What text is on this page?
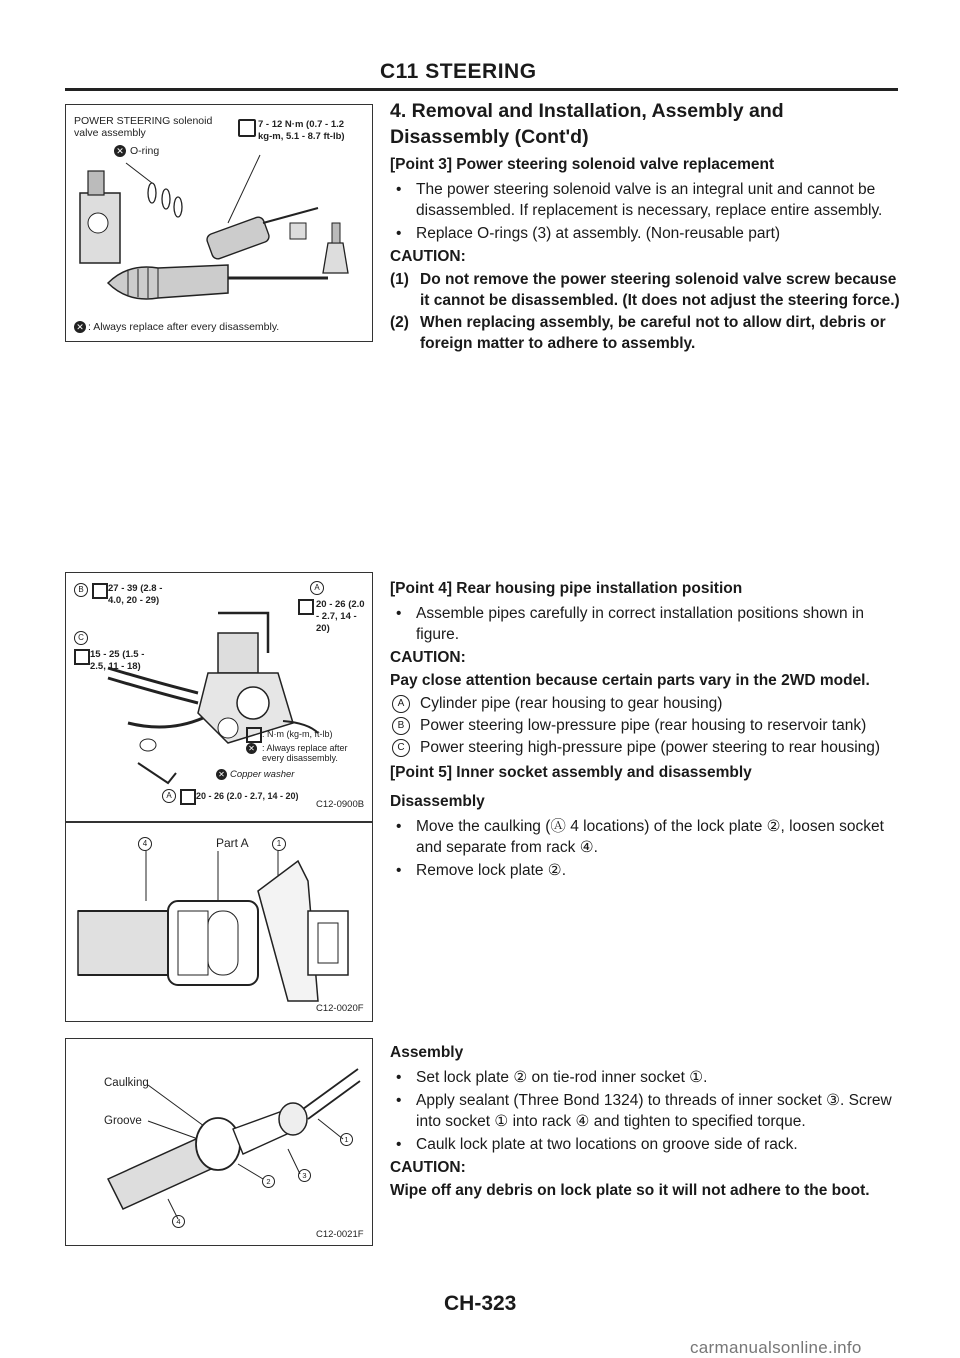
C11 STEERING
POWER STEERING solenoid valve assembly
7 - 12 N·m (0.7 - 1.2 kg-m, 5.1 - 8.7 ft-lb)
✕ O-ring
✕ : Always replace after every disassembly.
B	27 - 39 (2.8 - 4.0, 20 - 29)
A
20 - 26 (2.0 - 2.7, 14 - 20)
C
15 - 25 (1.5 - 2.5, 11 - 18)
: N·m (kg-m, ft-lb)
✕ : Always replace after every disassembly.
✕ Copper washer
A	20 - 26 (2.0 - 2.7, 14 - 20)
C12-0900B
4	Part A	1
C12-0020F
Caulking
Groove
1
2
3
4
C12-0021F
4. Removal and Installation, Assembly and Disassembly (Cont'd)
[Point 3] Power steering solenoid valve replacement
• The power steering solenoid valve is an integral unit and cannot be disassembled. If replacement is necessary, replace entire assembly.
• Replace O-rings (3) at assembly. (Non-reusable part)
CAUTION:
(1) Do not remove the power steering solenoid valve screw because it cannot be disassembled. (It does not adjust the steering force.)
(2) When replacing assembly, be careful not to allow dirt, debris or foreign matter to adhere to assembly.
[Point 4] Rear housing pipe installation position
• Assemble pipes carefully in correct installation positions shown in figure.
CAUTION:
Pay close attention because certain parts vary in the 2WD model.
A	Cylinder pipe (rear housing to gear housing)
B	Power steering low-pressure pipe (rear housing to reservoir tank)
C Power steering high-pressure pipe (power steering to rear housing)
[Point 5] Inner socket assembly and disassembly
Disassembly
• Move the caulking (Ⓐ 4 locations) of the lock plate ②, loosen socket and separate from rack ④.
• Remove lock plate ②.
Assembly
• Set lock plate ② on tie-rod inner socket ①.
• Apply sealant (Three Bond 1324) to threads of inner socket ③. Screw into socket ① into rack ④ and tighten to specified torque.
• Caulk lock plate at two locations on groove side of rack.
CAUTION:
Wipe off any debris on lock plate so it will not adhere to the boot.
CH-323
carmanualsonline.info
